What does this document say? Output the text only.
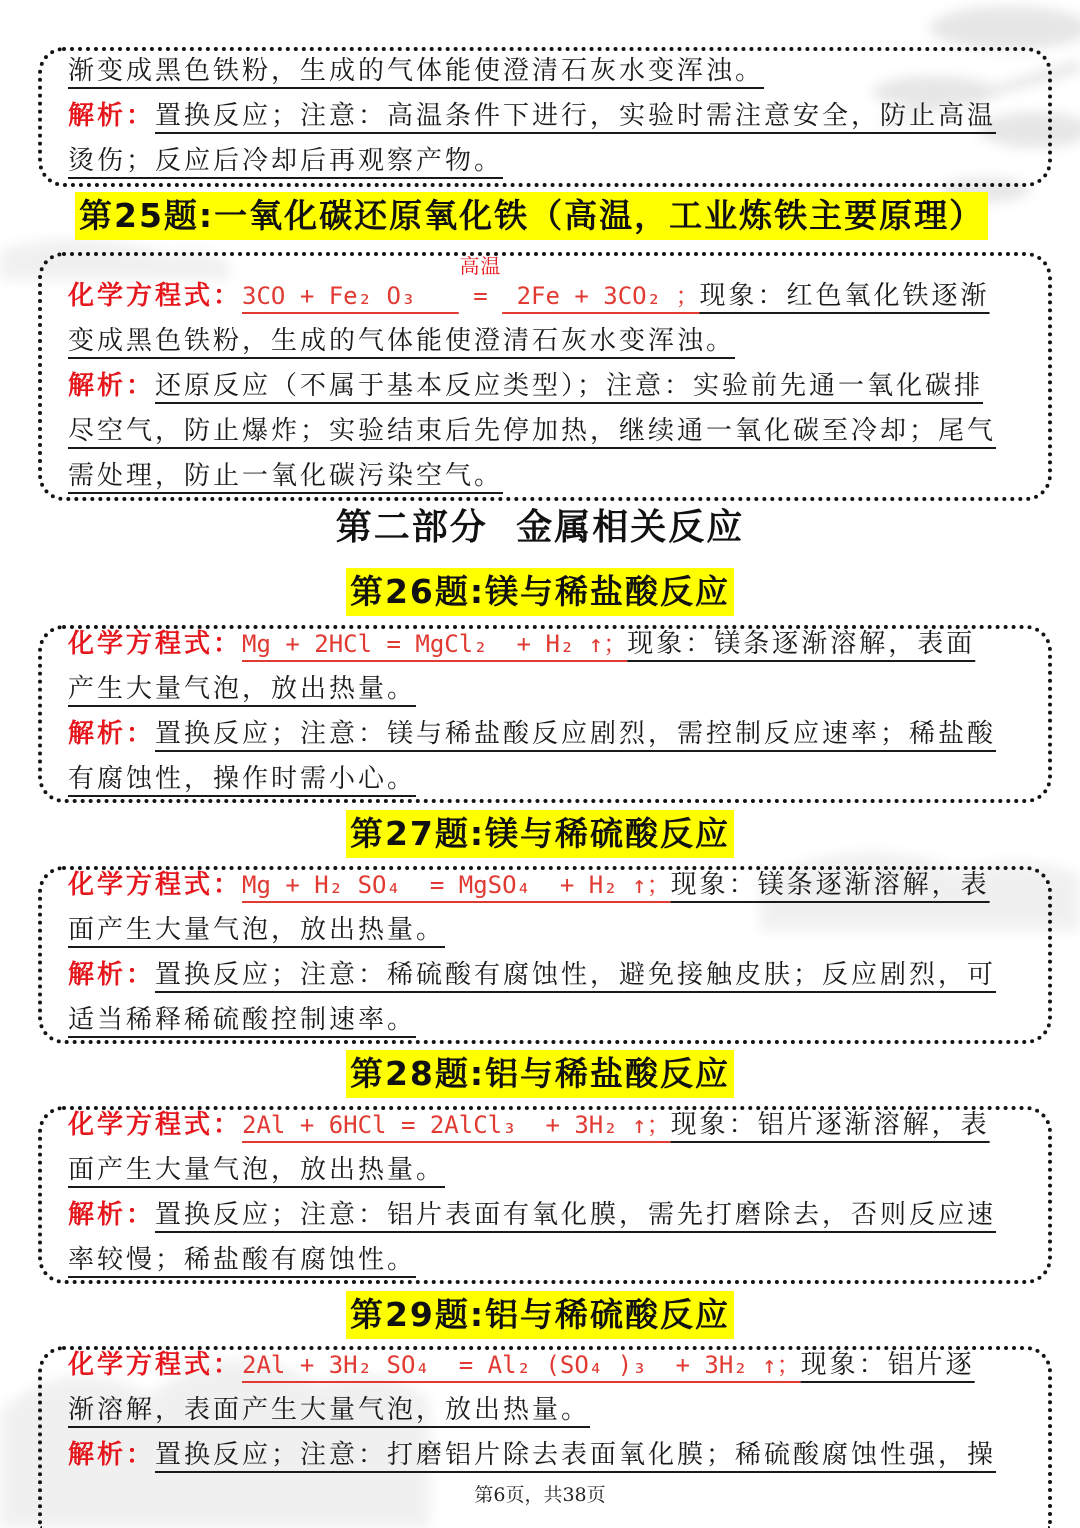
渐变成黑色铁粉，生成的气体能使澄清石灰水变浑浊。
解析：置换反应；注意：高温条件下进行，实验时需注意安全，防止高温
烫伤；反应后冷却后再观察产物。
第25题:一氧化碳还原氧化铁（高温，工业炼铁主要原理）
化学方程式：3CO + Fe₂ O₃
高温
=  2Fe + 3CO₂ ；现象：红色氧化铁逐渐
变成黑色铁粉，生成的气体能使澄清石灰水变浑浊。
解析：还原反应（不属于基本反应类型）；注意：实验前先通一氧化碳排
尽空气，防止爆炸；实验结束后先停加热，继续通一氧化碳至冷却；尾气
需处理，防止一氧化碳污染空气。
第二部分 金属相关反应
第26题:镁与稀盐酸反应
化学方程式：Mg + 2HCl = MgCl₂  + H₂ ↑；现象：镁条逐渐溶解，表面
产生大量气泡，放出热量。
解析：置换反应；注意：镁与稀盐酸反应剧烈，需控制反应速率；稀盐酸
有腐蚀性，操作时需小心。
第27题:镁与稀硫酸反应
化学方程式：Mg + H₂ SO₄  = MgSO₄  + H₂ ↑；现象：镁条逐渐溶解，表
面产生大量气泡，放出热量。
解析：置换反应；注意：稀硫酸有腐蚀性，避免接触皮肤；反应剧烈，可
适当稀释稀硫酸控制速率。
第28题:铝与稀盐酸反应
化学方程式：2Al + 6HCl = 2AlCl₃  + 3H₂ ↑；现象：铝片逐渐溶解，表
面产生大量气泡，放出热量。
解析：置换反应；注意：铝片表面有氧化膜，需先打磨除去，否则反应速
率较慢；稀盐酸有腐蚀性。
第29题:铝与稀硫酸反应
化学方程式：2Al + 3H₂ SO₄  = Al₂ (SO₄ )₃  + 3H₂ ↑；现象：铝片逐
渐溶解，表面产生大量气泡，放出热量。
解析：置换反应；注意：打磨铝片除去表面氧化膜；稀硫酸腐蚀性强，操
第6页，共38页
